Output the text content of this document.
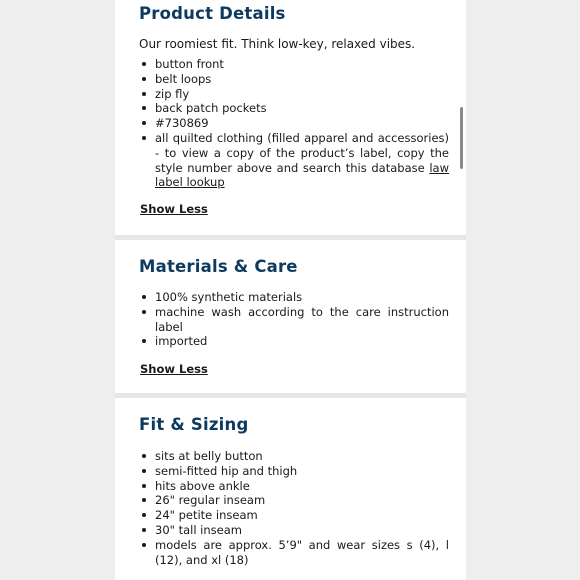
Product Details

Our roomiest fit. Think low-key, relaxed vibes.

button front
belt loops
zip fly
back patch pockets
#730869
all quilted clothing (filled apparel and accessories) - to view a copy of the product’s label, copy the style number above and search this database law label lookup
Show Less
Materials & Care
100% synthetic materials
machine wash according to the care instruction label
imported
Show Less
Fit & Sizing
sits at belly button
semi-fitted hip and thigh
hits above ankle
26" regular inseam
24" petite inseam
30" tall inseam
models are approx. 5’9" and wear sizes s (4), l (12), and xl (18)
